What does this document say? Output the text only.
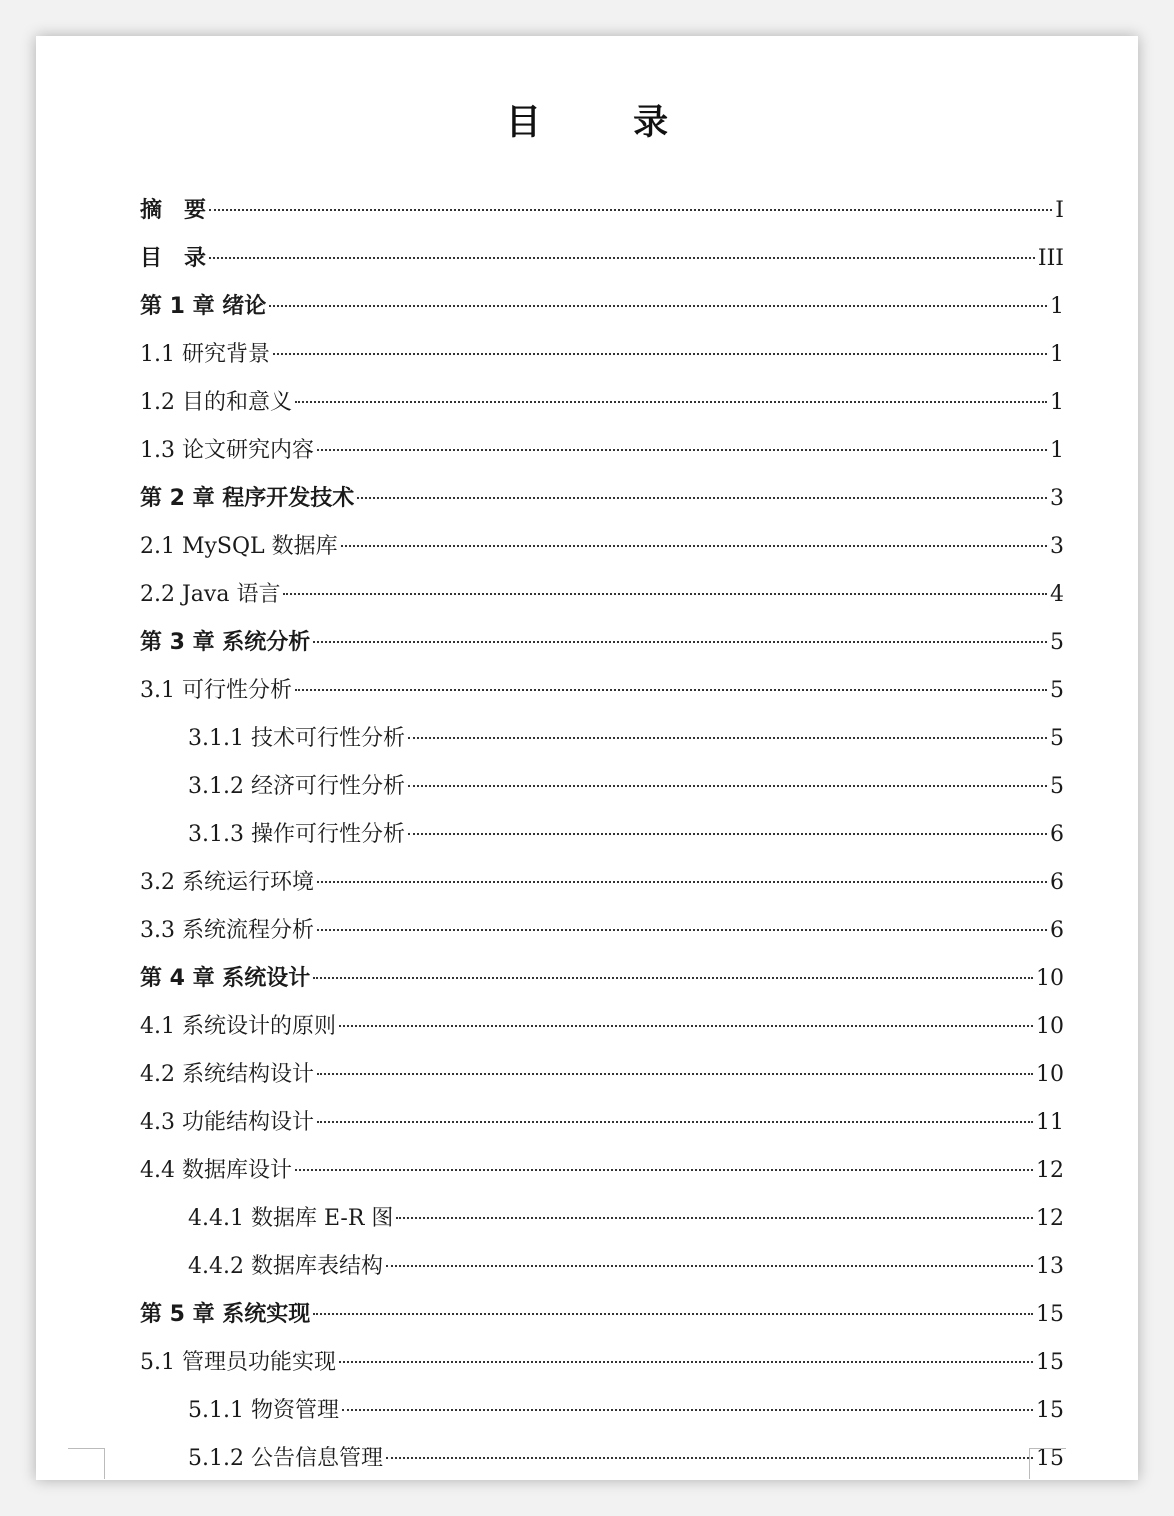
目 录
摘　要	I
目　录	III
第 1 章 绪论	1
1.1 研究背景	1
1.2 目的和意义	1
1.3 论文研究内容	1
第 2 章 程序开发技术	3
2.1 MySQL 数据库	3
2.2 Java 语言	4
第 3 章 系统分析	5
3.1 可行性分析	5
3.1.1 技术可行性分析	5
3.1.2 经济可行性分析	5
3.1.3 操作可行性分析	6
3.2 系统运行环境	6
3.3 系统流程分析	6
第 4 章 系统设计	10
4.1 系统设计的原则	10
4.2 系统结构设计	10
4.3 功能结构设计	11
4.4 数据库设计	12
4.4.1 数据库 E-R 图	12
4.4.2 数据库表结构	13
第 5 章 系统实现	15
5.1 管理员功能实现	15
5.1.1 物资管理	15
5.1.2 公告信息管理	15
